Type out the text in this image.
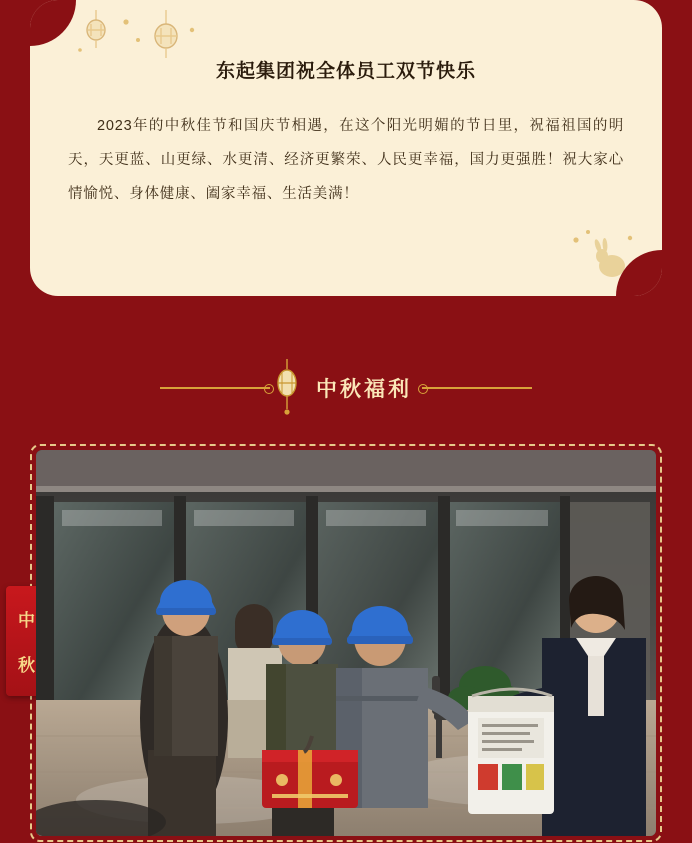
东起集团祝全体员工双节快乐

2023年的中秋佳节和国庆节相遇，在这个阳光明媚的节日里，祝福祖国的明天，天更蓝、山更绿、水更清、经济更繁荣、人民更幸福，国力更强胜！祝大家心情愉悦、身体健康、阖家幸福、生活美满！

中秋福利
中
秋
